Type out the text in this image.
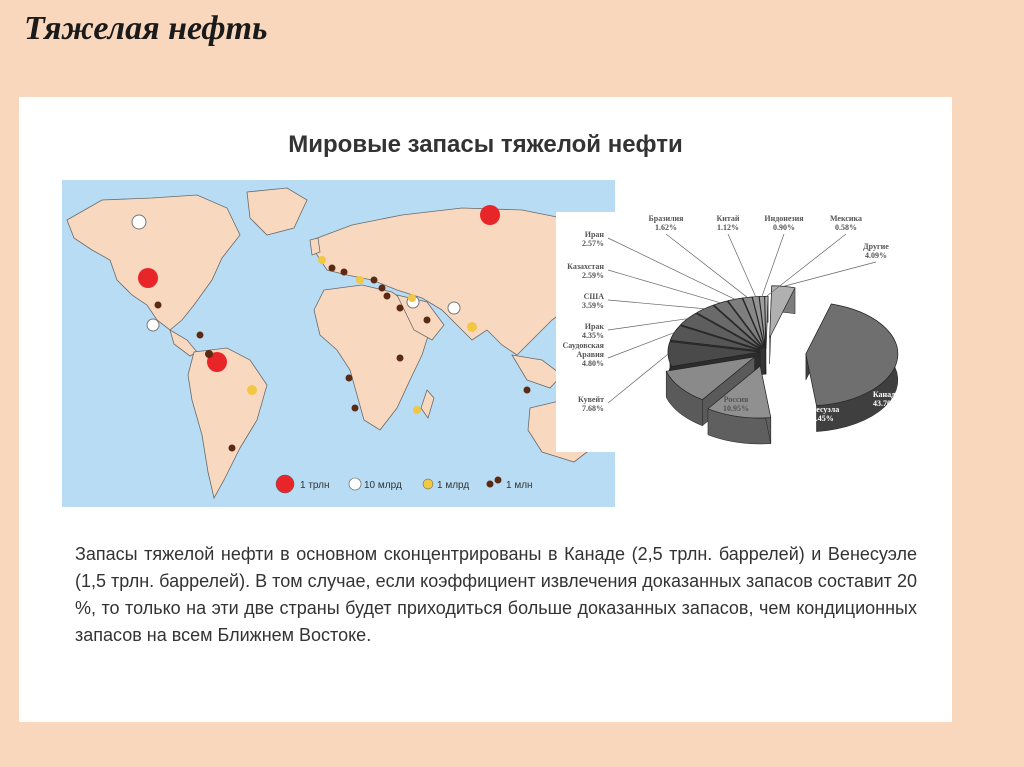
Тяжелая нефть
Мировые запасы тяжелой нефти
1 трлн	10 млрд	1 млрд	1 млн
Канада
43.70%
Венесуэла
11.45%
Россия
10.95%
Кувейт
7.68%
Саудовская
Аравия
4.80%
Ирак
4.35%
США
3.59%
Казахстан
2.59%
Иран
2.57%
Бразилия
1.62%
Китай
1.12%
Индонезия
0.90%
Мексика
0.58%
Другие
4.09%

Запасы тяжелой нефти в основном сконцентрированы в Канаде (2,5 трлн. баррелей) и Венесуэле (1,5 трлн. баррелей). В том случае, если коэффициент извлечения доказанных запасов составит 20 %, то только на эти две страны будет приходиться больше доказанных запасов, чем кондиционных запасов на всем Ближнем Востоке.
